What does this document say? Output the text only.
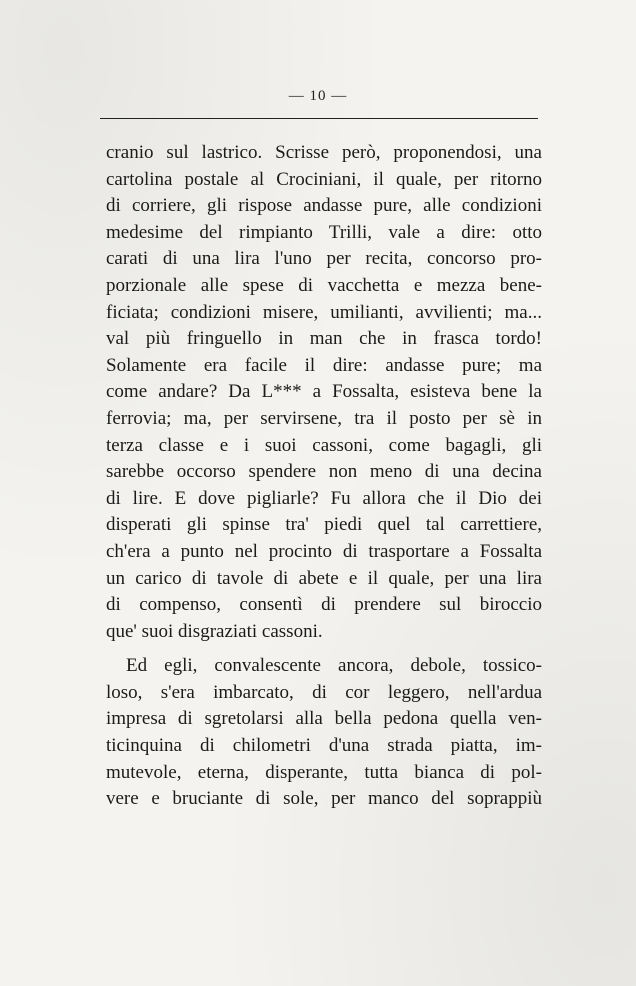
— 10 —
cranio sul lastrico. Scrisse però, proponendosi, una
cartolina postale al Crociniani, il quale, per ritorno
di corriere, gli rispose andasse pure, alle condizioni
medesime del rimpianto Trilli, vale a dire: otto
carati di una lira l'uno per recita, concorso pro-
porzionale alle spese di vacchetta e mezza bene-
ficiata; condizioni misere, umilianti, avvilienti; ma...
val più fringuello in man che in frasca tordo!
Solamente era facile il dire: andasse pure; ma
come andare? Da L*** a Fossalta, esisteva bene la
ferrovia; ma, per servirsene, tra il posto per sè in
terza classe e i suoi cassoni, come bagagli, gli
sarebbe occorso spendere non meno di una decina
di lire. E dove pigliarle? Fu allora che il Dio dei
disperati gli spinse tra' piedi quel tal carrettiere,
ch'era a punto nel procinto di trasportare a Fossalta
un carico di tavole di abete e il quale, per una lira
di compenso, consentì di prendere sul biroccio
que' suoi disgraziati cassoni.
Ed egli, convalescente ancora, debole, tossico-
loso, s'era imbarcato, di cor leggero, nell'ardua
impresa di sgretolarsi alla bella pedona quella ven-
ticinquina di chilometri d'una strada piatta, im-
mutevole, eterna, disperante, tutta bianca di pol-
vere e bruciante di sole, per manco del soprappiù
